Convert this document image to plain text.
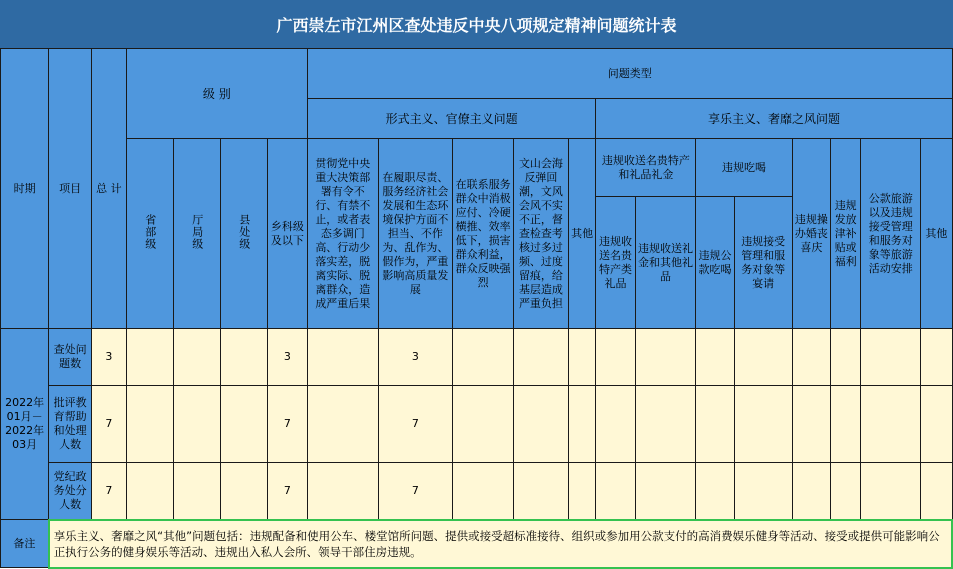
广西崇左市江州区查处违反中央八项规定精神问题统计表
时期	项目	总 计	级 别				问题类型												
							形式主义、官僚主义问题					享乐主义、奢靡之风问题							
			省部级	厅局级	县处级	乡科级及以下	贯彻党中央重大决策部署有令不行、有禁不止，或者表态多调门高、行动少落实差，脱离实际、脱离群众，造成严重后果	在履职尽责、服务经济社会发展和生态环境保护方面不担当、不作为、乱作为、假作为，严重影响高质量发展	在联系服务群众中消极应付、冷硬横推、效率低下，损害群众利益，群众反映强烈	文山会海反弹回潮，文风会风不实不正，督查检查考核过多过频、过度留痕，给基层造成严重负担	其他	违规收送名贵特产和礼品礼金		违规吃喝		违规操办婚丧喜庆	违规发放津补贴或福利	公款旅游以及违规接受管理和服务对象等旅游活动安排	其他
												违规收送名贵特产类礼品	违规收送礼金和其他礼品	违规公款吃喝	违规接受管理和服务对象等宴请				
2022年01月－2022年03月	查处问题数	3				3		3											
	批评教育帮助和处理人数	7				7		7											
	党纪政务处分人数	7				7		7											
备注	享乐主义、奢靡之风“其他”问题包括：违规配备和使用公车、楼堂馆所问题、提供或接受超标准接待、组织或参加用公款支付的高消费娱乐健身等活动、接受或提供可能影响公正执行公务的健身娱乐等活动、违规出入私人会所、领导干部住房违规。																		
